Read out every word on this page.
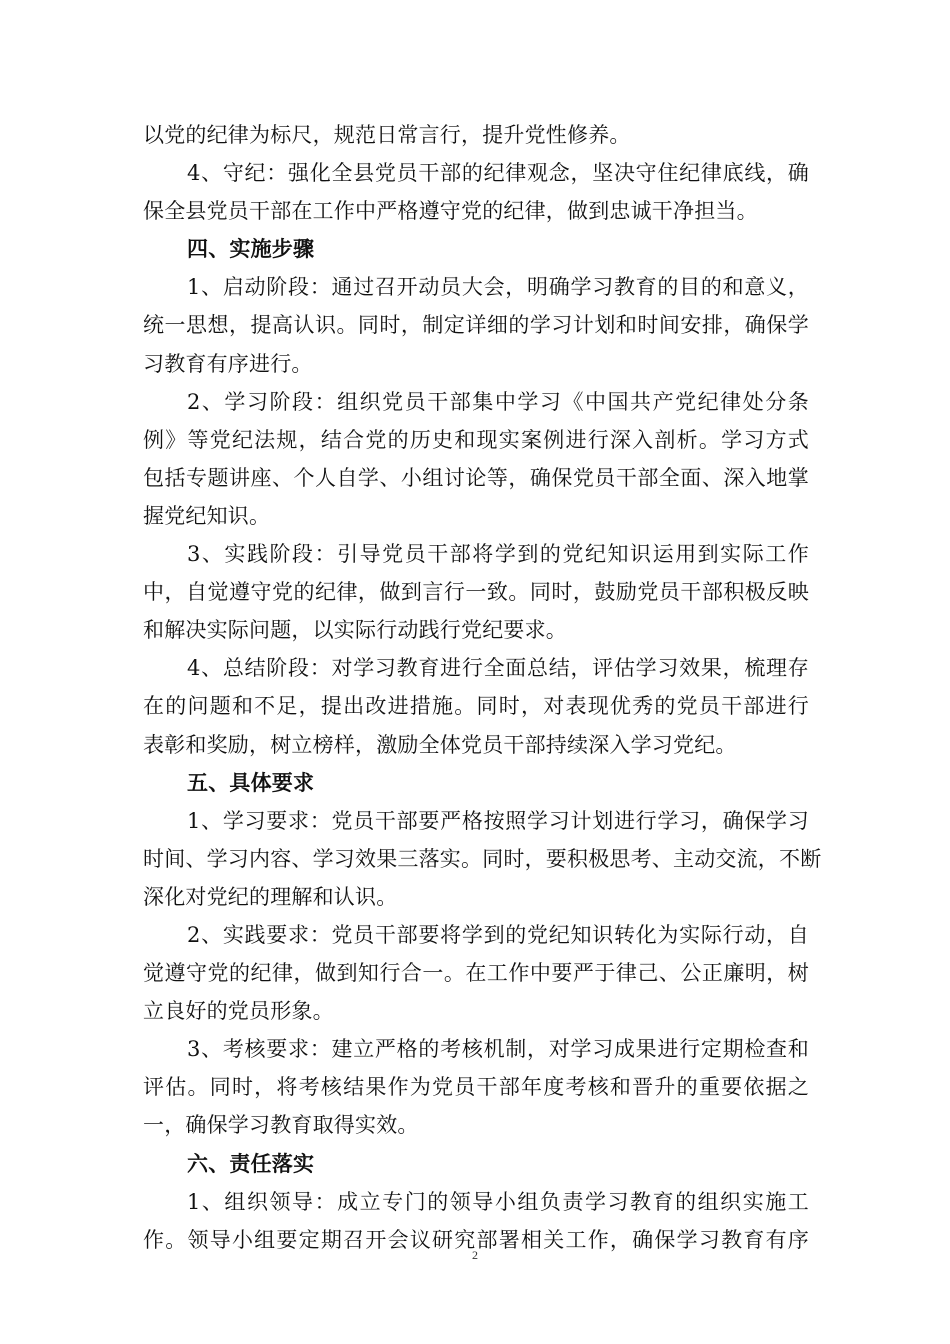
以党的纪律为标尺，规范日常言行，提升党性修养。
4、守纪：强化全县党员干部的纪律观念，坚决守住纪律底线，确
保全县党员干部在工作中严格遵守党的纪律，做到忠诚干净担当。
四、实施步骤
1、启动阶段：通过召开动员大会，明确学习教育的目的和意义，
统一思想，提高认识。同时，制定详细的学习计划和时间安排，确保学
习教育有序进行。
2、学习阶段：组织党员干部集中学习《中国共产党纪律处分条
例》等党纪法规，结合党的历史和现实案例进行深入剖析。学习方式
包括专题讲座、个人自学、小组讨论等，确保党员干部全面、深入地掌
握党纪知识。
3、实践阶段：引导党员干部将学到的党纪知识运用到实际工作
中，自觉遵守党的纪律，做到言行一致。同时，鼓励党员干部积极反映
和解决实际问题，以实际行动践行党纪要求。
4、总结阶段：对学习教育进行全面总结，评估学习效果，梳理存
在的问题和不足，提出改进措施。同时，对表现优秀的党员干部进行
表彰和奖励，树立榜样，激励全体党员干部持续深入学习党纪。
五、具体要求
1、学习要求：党员干部要严格按照学习计划进行学习，确保学习
时间、学习内容、学习效果三落实。同时，要积极思考、主动交流，不断
深化对党纪的理解和认识。
2、实践要求：党员干部要将学到的党纪知识转化为实际行动，自
觉遵守党的纪律，做到知行合一。在工作中要严于律己、公正廉明，树
立良好的党员形象。
3、考核要求：建立严格的考核机制，对学习成果进行定期检查和
评估。同时，将考核结果作为党员干部年度考核和晋升的重要依据之
一，确保学习教育取得实效。
六、责任落实
1、组织领导：成立专门的领导小组负责学习教育的组织实施工
作。领导小组要定期召开会议研究部署相关工作，确保学习教育有序
2
